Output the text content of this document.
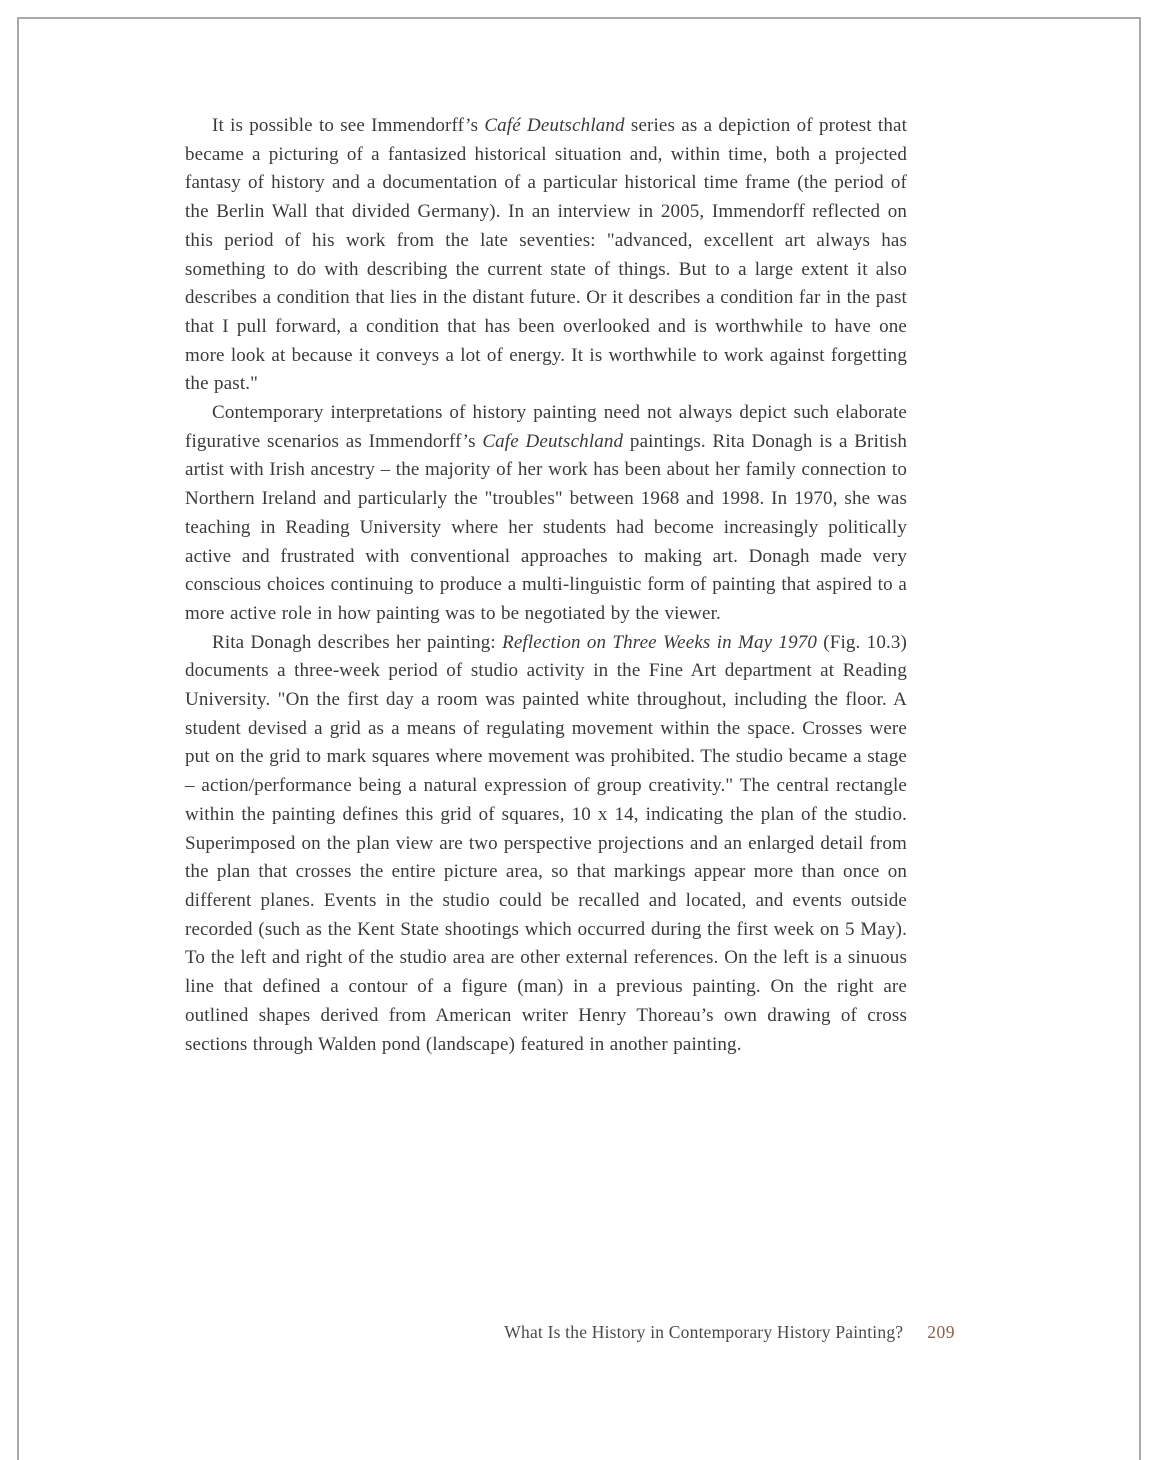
It is possible to see Immendorff’s Café Deutschland series as a depiction of protest that became a picturing of a fantasized historical situation and, within time, both a projected fantasy of history and a documentation of a particular historical time frame (the period of the Berlin Wall that divided Germany). In an interview in 2005, Immendorff reflected on this period of his work from the late seventies: "advanced, excellent art always has something to do with describing the current state of things. But to a large extent it also describes a condition that lies in the distant future. Or it describes a condition far in the past that I pull forward, a condition that has been overlooked and is worthwhile to have one more look at because it conveys a lot of energy. It is worthwhile to work against forgetting the past."

Contemporary interpretations of history painting need not always depict such elaborate figurative scenarios as Immendorff’s Cafe Deutschland paintings. Rita Donagh is a British artist with Irish ancestry – the majority of her work has been about her family connection to Northern Ireland and particularly the "troubles" between 1968 and 1998. In 1970, she was teaching in Reading University where her students had become increasingly politically active and frustrated with conventional approaches to making art. Donagh made very conscious choices continuing to produce a multi-linguistic form of painting that aspired to a more active role in how painting was to be negotiated by the viewer.

Rita Donagh describes her painting: Reflection on Three Weeks in May 1970 (Fig. 10.3) documents a three-week period of studio activity in the Fine Art department at Reading University. "On the first day a room was painted white throughout, including the floor. A student devised a grid as a means of regulating movement within the space. Crosses were put on the grid to mark squares where movement was prohibited. The studio became a stage – action/performance being a natural expression of group creativity." The central rectangle within the painting defines this grid of squares, 10 x 14, indicating the plan of the studio. Superimposed on the plan view are two perspective projections and an enlarged detail from the plan that crosses the entire picture area, so that markings appear more than once on different planes. Events in the studio could be recalled and located, and events outside recorded (such as the Kent State shootings which occurred during the first week on 5 May). To the left and right of the studio area are other external references. On the left is a sinuous line that defined a contour of a figure (man) in a previous painting. On the right are outlined shapes derived from American writer Henry Thoreau’s own drawing of cross sections through Walden pond (landscape) featured in another painting.

What Is the History in Contemporary History Painting? 209
